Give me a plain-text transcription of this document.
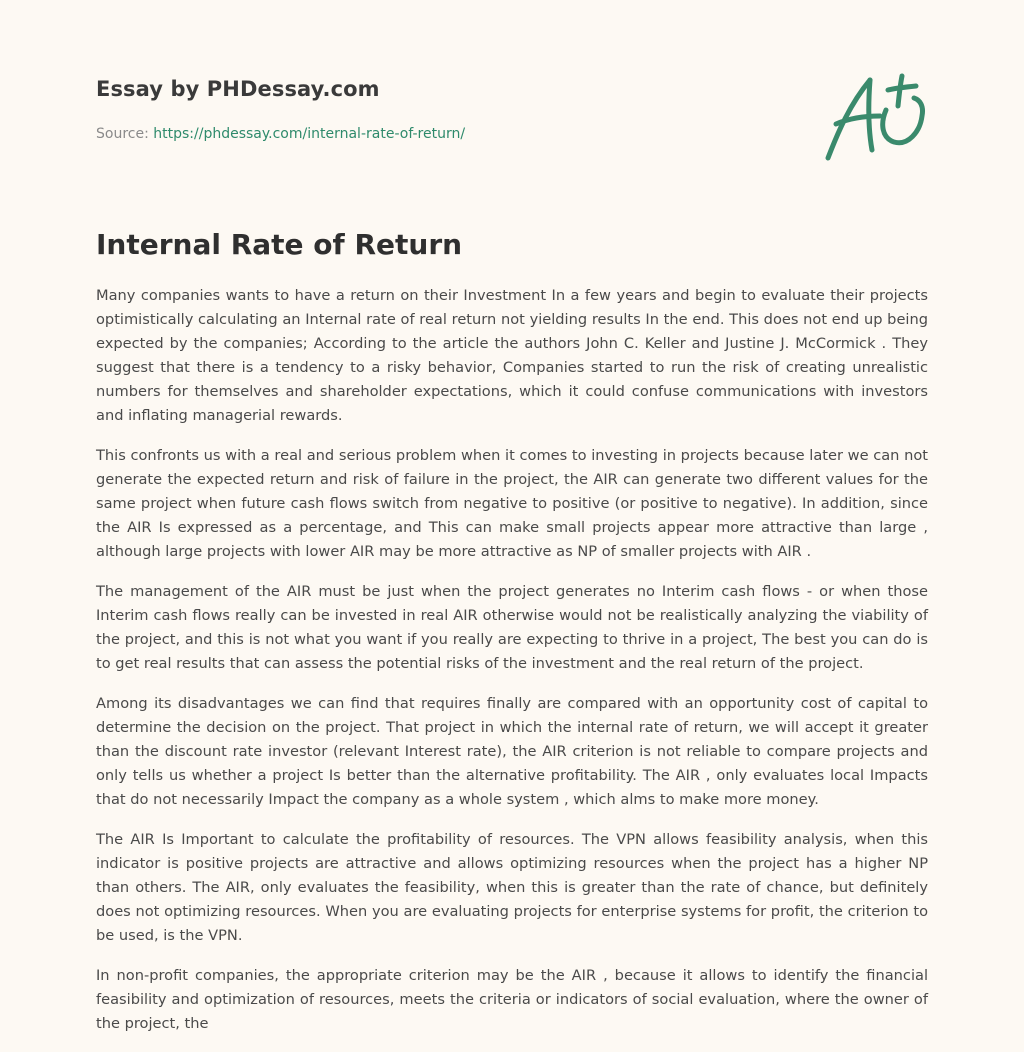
Essay by PHDessay.com
Source: https://phdessay.com/internal-rate-of-return/
Internal Rate of Return

Many companies wants to have a return on their Investment In a few years and begin to evaluate their projects optimistically calculating an Internal rate of real return not yielding results In the end. This does not end up being expected by the companies; According to the article the authors John C. Keller and Justine J. McCormick . They suggest that there is a tendency to a risky behavior, Companies started to run the risk of creating unrealistic numbers for themselves and shareholder expectations, which it could confuse communications with investors and inflating managerial rewards.

This confronts us with a real and serious problem when it comes to investing in projects because later we can not generate the expected return and risk of failure in the project, the AIR can generate two different values for the same project when future cash flows switch from negative to positive (or positive to negative). In addition, since the AIR Is expressed as a percentage, and This can make small projects appear more attractive than large , although large projects with lower AIR may be more attractive as NP of smaller projects with AIR .

The management of the AIR must be just when the project generates no Interim cash flows - or when those Interim cash flows really can be invested in real AIR otherwise would not be realistically analyzing the viability of the project, and this is not what you want if you really are expecting to thrive in a project, The best you can do is to get real results that can assess the potential risks of the investment and the real return of the project.

Among its disadvantages we can find that requires finally are compared with an opportunity cost of capital to determine the decision on the project. That project in which the internal rate of return, we will accept it greater than the discount rate investor (relevant Interest rate), the AIR criterion is not reliable to compare projects and only tells us whether a project Is better than the alternative profitability. The AIR , only evaluates local Impacts that do not necessarily Impact the company as a whole system , which alms to make more money.

The AIR Is Important to calculate the profitability of resources. The VPN allows feasibility analysis, when this indicator is positive projects are attractive and allows optimizing resources when the project has a higher NP than others. The AIR, only evaluates the feasibility, when this is greater than the rate of chance, but definitely does not optimizing resources. When you are evaluating projects for enterprise systems for profit, the criterion to be used, is the VPN.

In non-profit companies, the appropriate criterion may be the AIR , because it allows to identify the financial feasibility and optimization of resources, meets the criteria or indicators of social evaluation, where the owner of the project, the
